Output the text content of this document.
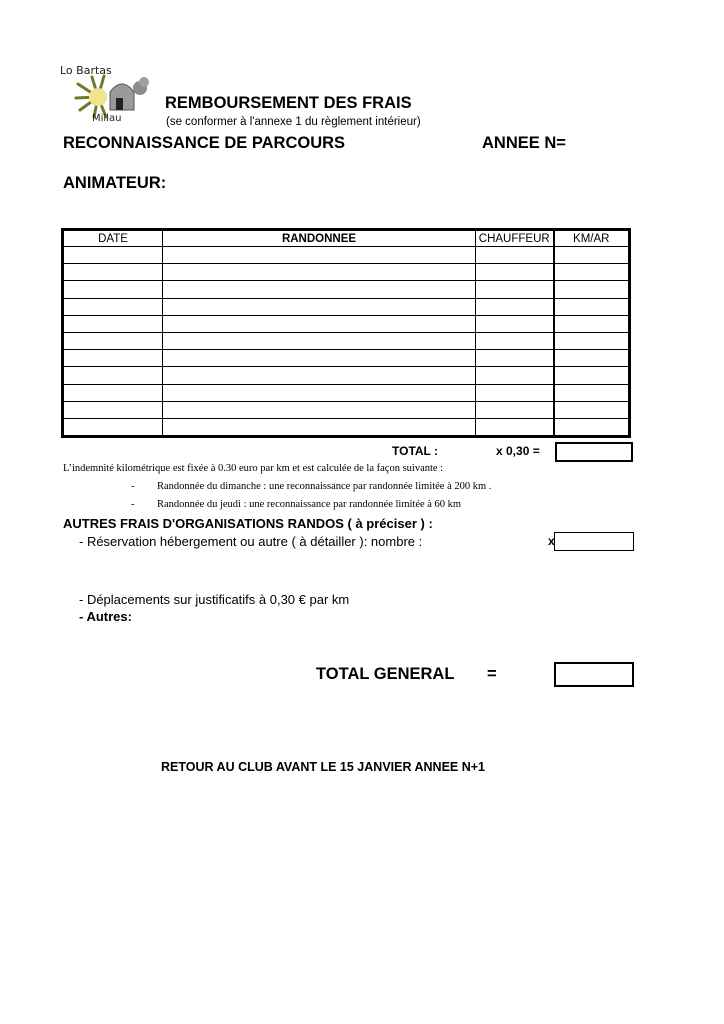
Lo Bartas
Millau
REMBOURSEMENT DES FRAIS
(se conformer à l'annexe 1 du règlement intérieur)
RECONNAISSANCE DE PARCOURS	ANNEE N=
ANIMATEUR:
DATE	RANDONNEE	CHAUFFEUR	KM/AR

TOTAL :	x 0,30 =
L’indemnité kilométrique est fixée à 0.30 euro par km et est calculée de la façon suivante :
- Randonnée du dimanche : une reconnaissance par randonnée limitée à 200 km .
- Randonnée du jeudi : une reconnaissance par randonnée limitée à 60 km
AUTRES FRAIS D'ORGANISATIONS RANDOS ( à préciser ) :
- Réservation hébergement ou autre ( à détailler ): nombre :	x
- Déplacements sur justificatifs à 0,30 € par km
- Autres:
TOTAL GENERAL =
RETOUR AU CLUB AVANT LE 15 JANVIER ANNEE N+1
